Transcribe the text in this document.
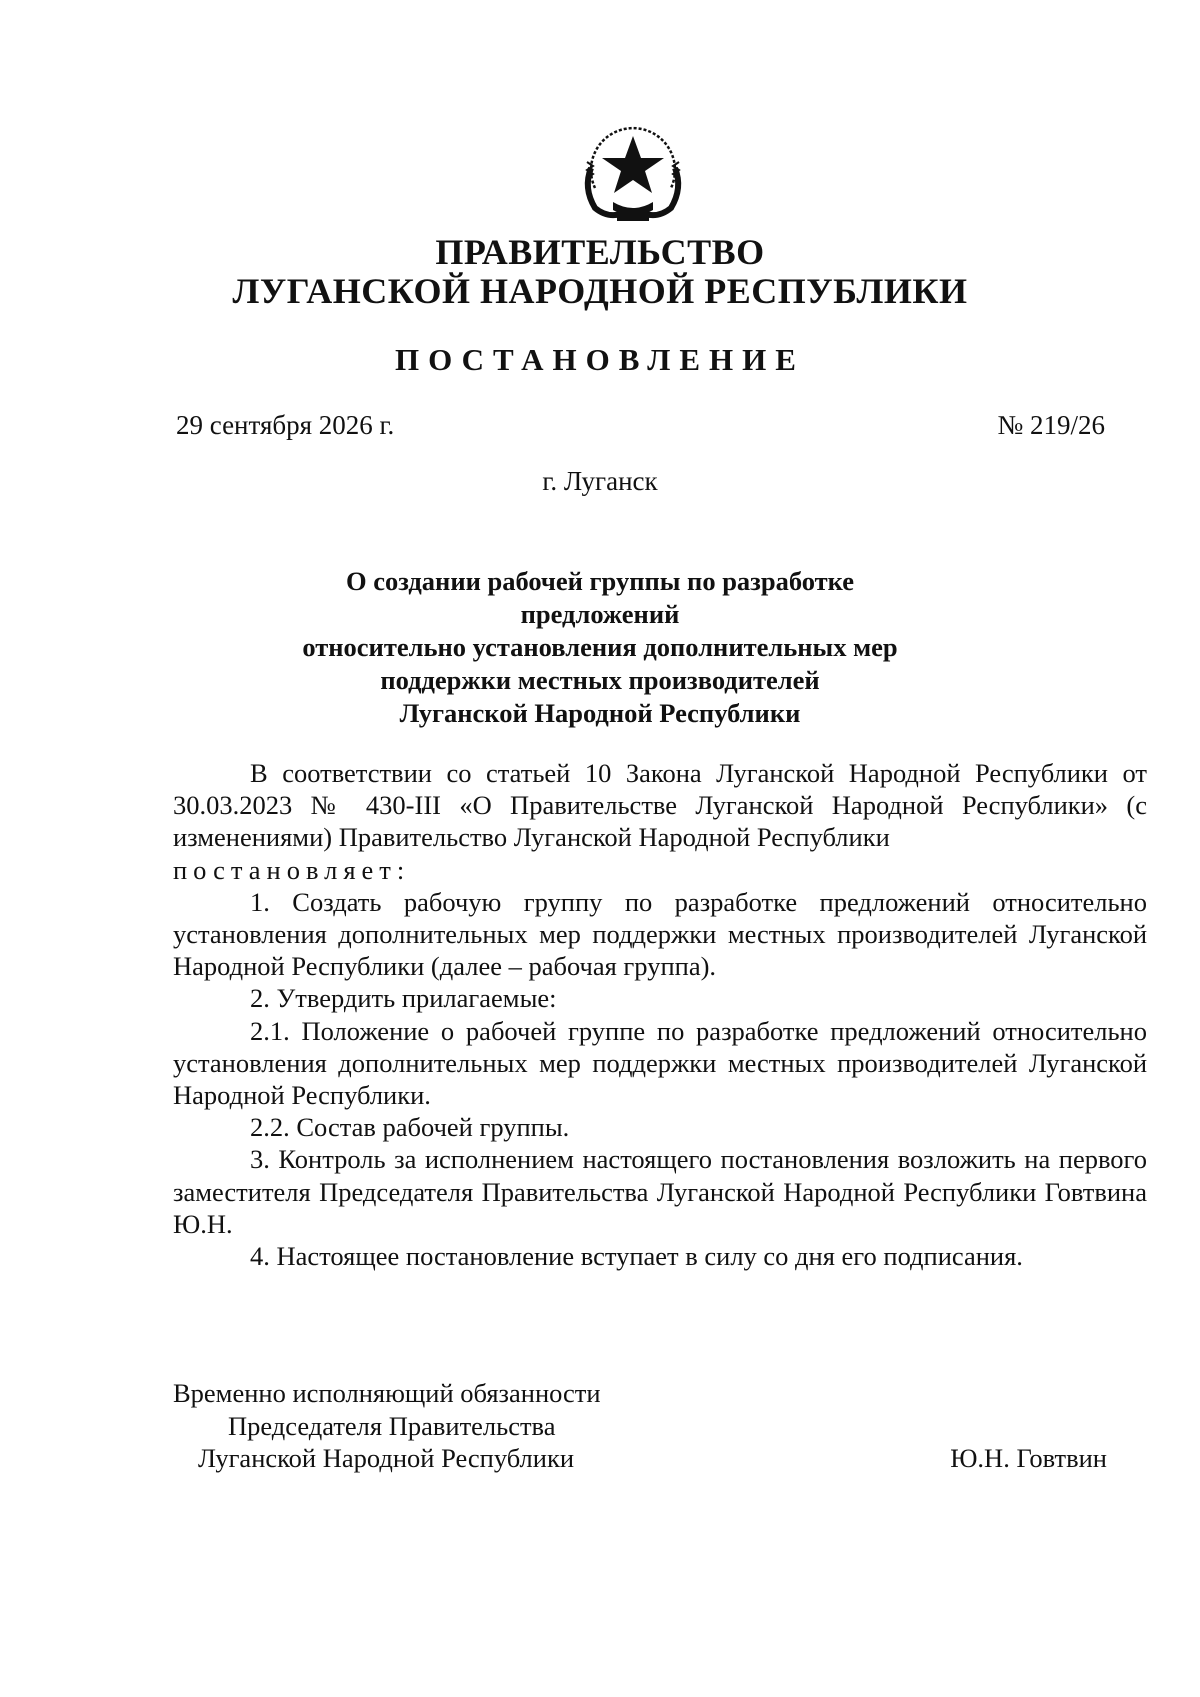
ПРАВИТЕЛЬСТВО
ЛУГАНСКОЙ НАРОДНОЙ РЕСПУБЛИКИ
ПОСТАНОВЛЕНИЕ
29 сентября 2026 г.	№ 219/26
г. Луганск
О создании рабочей группы по разработке предложений
относительно установления дополнительных мер
поддержки местных производителей
Луганской Народной Республики

В соответствии со статьей 10 Закона Луганской Народной Республики от 30.03.2023 № 430-III «О Правительстве Луганской Народной Республики» (с изменениями) Правительство Луганской Народной Республики

постановляет:

1. Создать рабочую группу по разработке предложений относительно установления дополнительных мер поддержки местных производителей Луганской Народной Республики (далее – рабочая группа).

2. Утвердить прилагаемые:

2.1. Положение о рабочей группе по разработке предложений относительно установления дополнительных мер поддержки местных производителей Луганской Народной Республики.

2.2. Состав рабочей группы.

3. Контроль за исполнением настоящего постановления возложить на первого заместителя Председателя Правительства Луганской Народной Республики Говтвина Ю.Н.

4. Настоящее постановление вступает в силу со дня его подписания.

Временно исполняющий обязанности
Председателя Правительства
Луганской Народной Республики	Ю.Н. Говтвин
